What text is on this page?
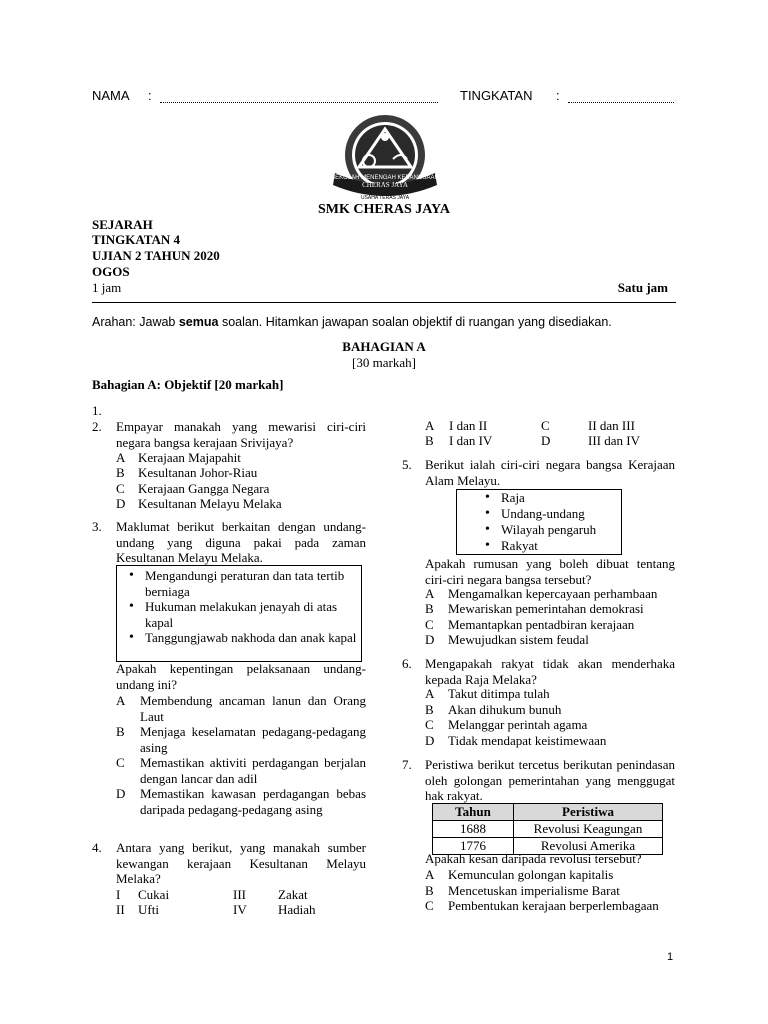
NAMA :	TINGKATAN :
SEKOLAH MENENGAH KEBANGSAAN
CHERAS JAYA
USAHA TERAS JAYA
SMK CHERAS JAYA
SEJARAH
TINGKATAN 4
UJIAN 2 TAHUN 2020
OGOS
1 jam	Satu jam
Arahan: Jawab semua soalan. Hitamkan jawapan soalan objektif di ruangan yang disediakan.
BAHAGIAN A
[30 markah]
Bahagian A: Objektif [20 markah]
1.
2. Empayar manakah yang mewarisi ciri-ciri negara bangsa kerajaan Srivijaya?
A Kerajaan Majapahit
B Kesultanan Johor-Riau
C Kerajaan Gangga Negara
D Kesultanan Melayu Melaka
3. Maklumat berikut berkaitan dengan undang-undang yang diguna pakai pada zaman Kesultanan Melayu Melaka.
• Mengandungi peraturan dan tata tertib berniaga
• Hukuman melakukan jenayah di atas kapal
• Tanggungjawab nakhoda dan anak kapal
Apakah kepentingan pelaksanaan undang-undang ini?
A Membendung ancaman lanun dan Orang Laut
B Menjaga keselamatan pedagang-pedagang asing
C Memastikan aktiviti perdagangan berjalan dengan lancar dan adil
D Memastikan kawasan perdagangan bebas daripada pedagang-pedagang asing
4. Antara yang berikut, yang manakah sumber kewangan kerajaan Kesultanan Melayu Melaka?
I Cukai
II Ufti
III Zakat
IV Hadiah
A I dan II
B I dan IV
C	II dan III
D	III dan IV
5. Berikut ialah ciri-ciri negara bangsa Kerajaan Alam Melayu.
• Raja
• Undang-undang
• Wilayah pengaruh
• Rakyat
Apakah rumusan yang boleh dibuat tentang ciri-ciri negara bangsa tersebut?
A Mengamalkan kepercayaan perhambaan
B Mewariskan pemerintahan demokrasi
C Memantapkan pentadbiran kerajaan
D Mewujudkan sistem feudal
6. Mengapakah rakyat tidak akan menderhaka kepada Raja Melaka?
A Takut ditimpa tulah
B Akan dihukum bunuh
C Melanggar perintah agama
D Tidak mendapat keistimewaan
7. Peristiwa berikut tercetus berikutan penindasan oleh golongan pemerintahan yang menggugat hak rakyat.
Tahun	Peristiwa
1688	Revolusi Keagungan
1776	Revolusi Amerika
Apakah kesan daripada revolusi tersebut?
A Kemunculan golongan kapitalis
B Mencetuskan imperialisme Barat
C Pembentukan kerajaan berperlembagaan
1
